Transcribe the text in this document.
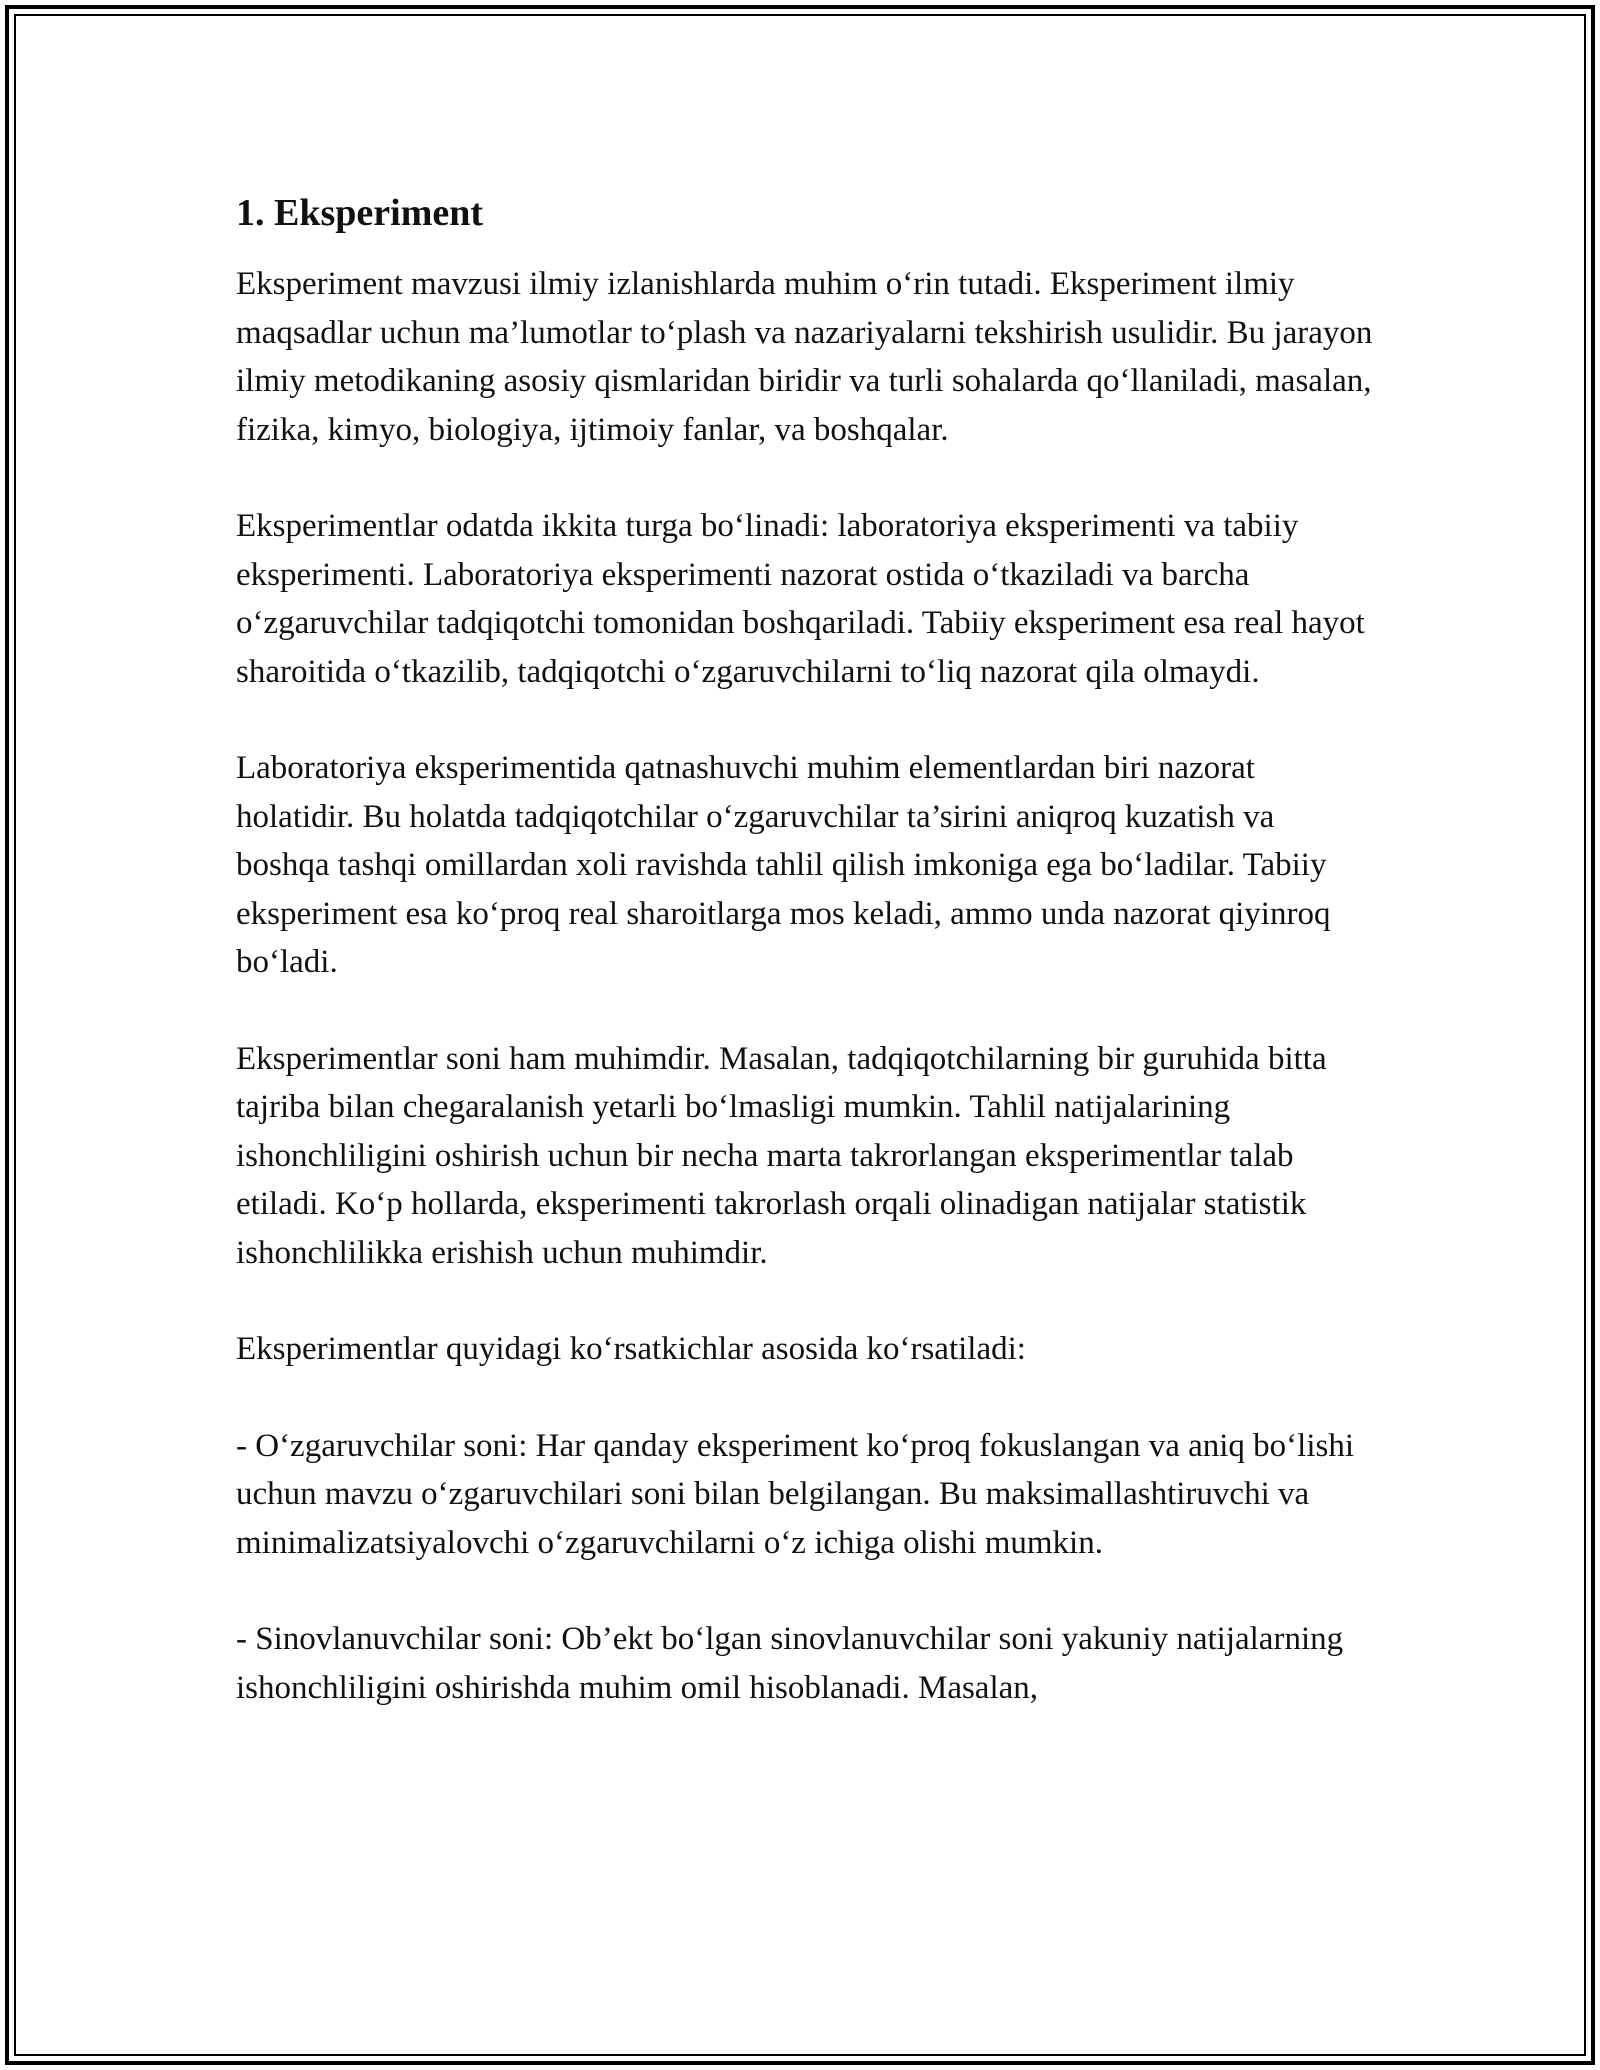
1. Eksperiment

Eksperiment mavzusi ilmiy izlanishlarda muhim o‘rin tutadi. Eksperiment ilmiy maqsadlar uchun ma’lumotlar to‘plash va nazariyalarni tekshirish usulidir. Bu jarayon ilmiy metodikaning asosiy qismlaridan biridir va turli sohalarda qo‘llaniladi, masalan, fizika, kimyo, biologiya, ijtimoiy fanlar, va boshqalar.

Eksperimentlar odatda ikkita turga bo‘linadi: laboratoriya eksperimenti va tabiiy eksperimenti. Laboratoriya eksperimenti nazorat ostida o‘tkaziladi va barcha o‘zgaruvchilar tadqiqotchi tomonidan boshqariladi. Tabiiy eksperiment esa real hayot sharoitida o‘tkazilib, tadqiqotchi o‘zgaruvchilarni to‘liq nazorat qila olmaydi.

Laboratoriya eksperimentida qatnashuvchi muhim elementlardan biri nazorat holatidir. Bu holatda tadqiqotchilar o‘zgaruvchilar ta’sirini aniqroq kuzatish va boshqa tashqi omillardan xoli ravishda tahlil qilish imkoniga ega bo‘ladilar. Tabiiy eksperiment esa ko‘proq real sharoitlarga mos keladi, ammo unda nazorat qiyinroq bo‘ladi.

Eksperimentlar soni ham muhimdir. Masalan, tadqiqotchilarning bir guruhida bitta tajriba bilan chegaralanish yetarli bo‘lmasligi mumkin. Tahlil natijalarining ishonchliligini oshirish uchun bir necha marta takrorlangan eksperimentlar talab etiladi. Ko‘p hollarda, eksperimenti takrorlash orqali olinadigan natijalar statistik ishonchlilikka erishish uchun muhimdir.

Eksperimentlar quyidagi ko‘rsatkichlar asosida ko‘rsatiladi:

- O‘zgaruvchilar soni: Har qanday eksperiment ko‘proq fokuslangan va aniq bo‘lishi uchun mavzu o‘zgaruvchilari soni bilan belgilangan. Bu maksimallashtiruvchi va minimalizatsiyalovchi o‘zgaruvchilarni o‘z ichiga olishi mumkin.

- Sinovlanuvchilar soni: Ob’ekt bo‘lgan sinovlanuvchilar soni yakuniy natijalarning ishonchliligini oshirishda muhim omil hisoblanadi. Masalan,
